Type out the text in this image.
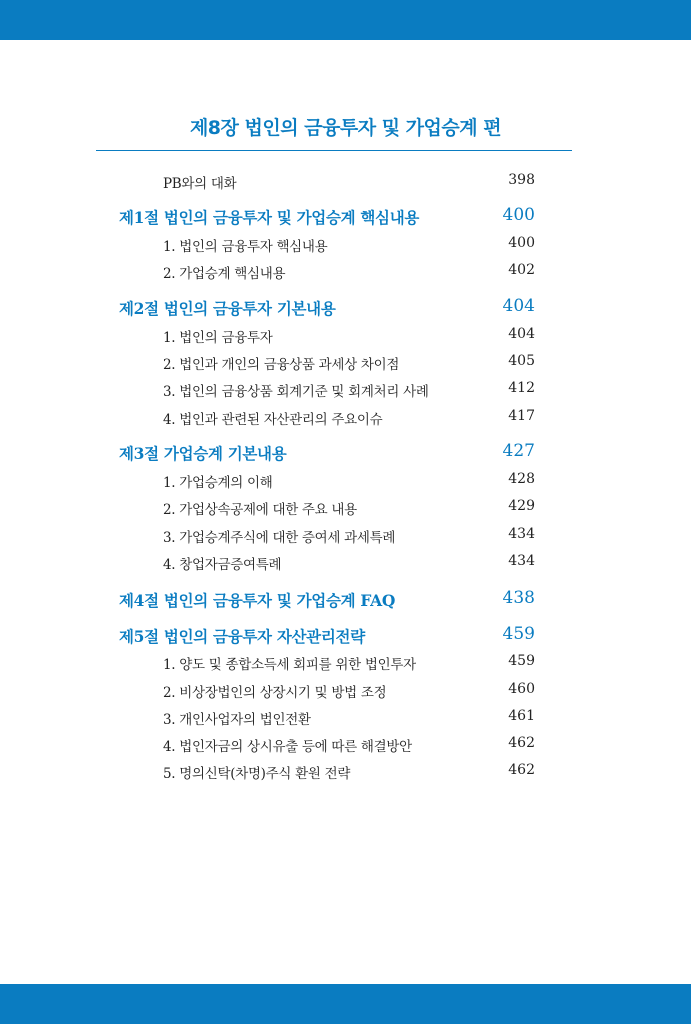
제8장 법인의 금융투자 및 가업승계 편
PB와의 대화	398
제1절 법인의 금융투자 및 가업승계 핵심내용	400
1. 법인의 금융투자 핵심내용	400
2. 가업승계 핵심내용	402
제2절 법인의 금융투자 기본내용	404
1. 법인의 금융투자	404
2. 법인과 개인의 금융상품 과세상 차이점	405
3. 법인의 금융상품 회계기준 및 회계처리 사례	412
4. 법인과 관련된 자산관리의 주요이슈	417
제3절 가업승계 기본내용	427
1. 가업승계의 이해	428
2. 가업상속공제에 대한 주요 내용	429
3. 가업승계주식에 대한 증여세 과세특례	434
4. 창업자금증여특례	434
제4절 법인의 금융투자 및 가업승계 FAQ	438
제5절 법인의 금융투자 자산관리전략	459
1. 양도 및 종합소득세 회피를 위한 법인투자	459
2. 비상장법인의 상장시기 및 방법 조정	460
3. 개인사업자의 법인전환	461
4. 법인자금의 상시유출 등에 따른 해결방안	462
5. 명의신탁(차명)주식 환원 전략	462
